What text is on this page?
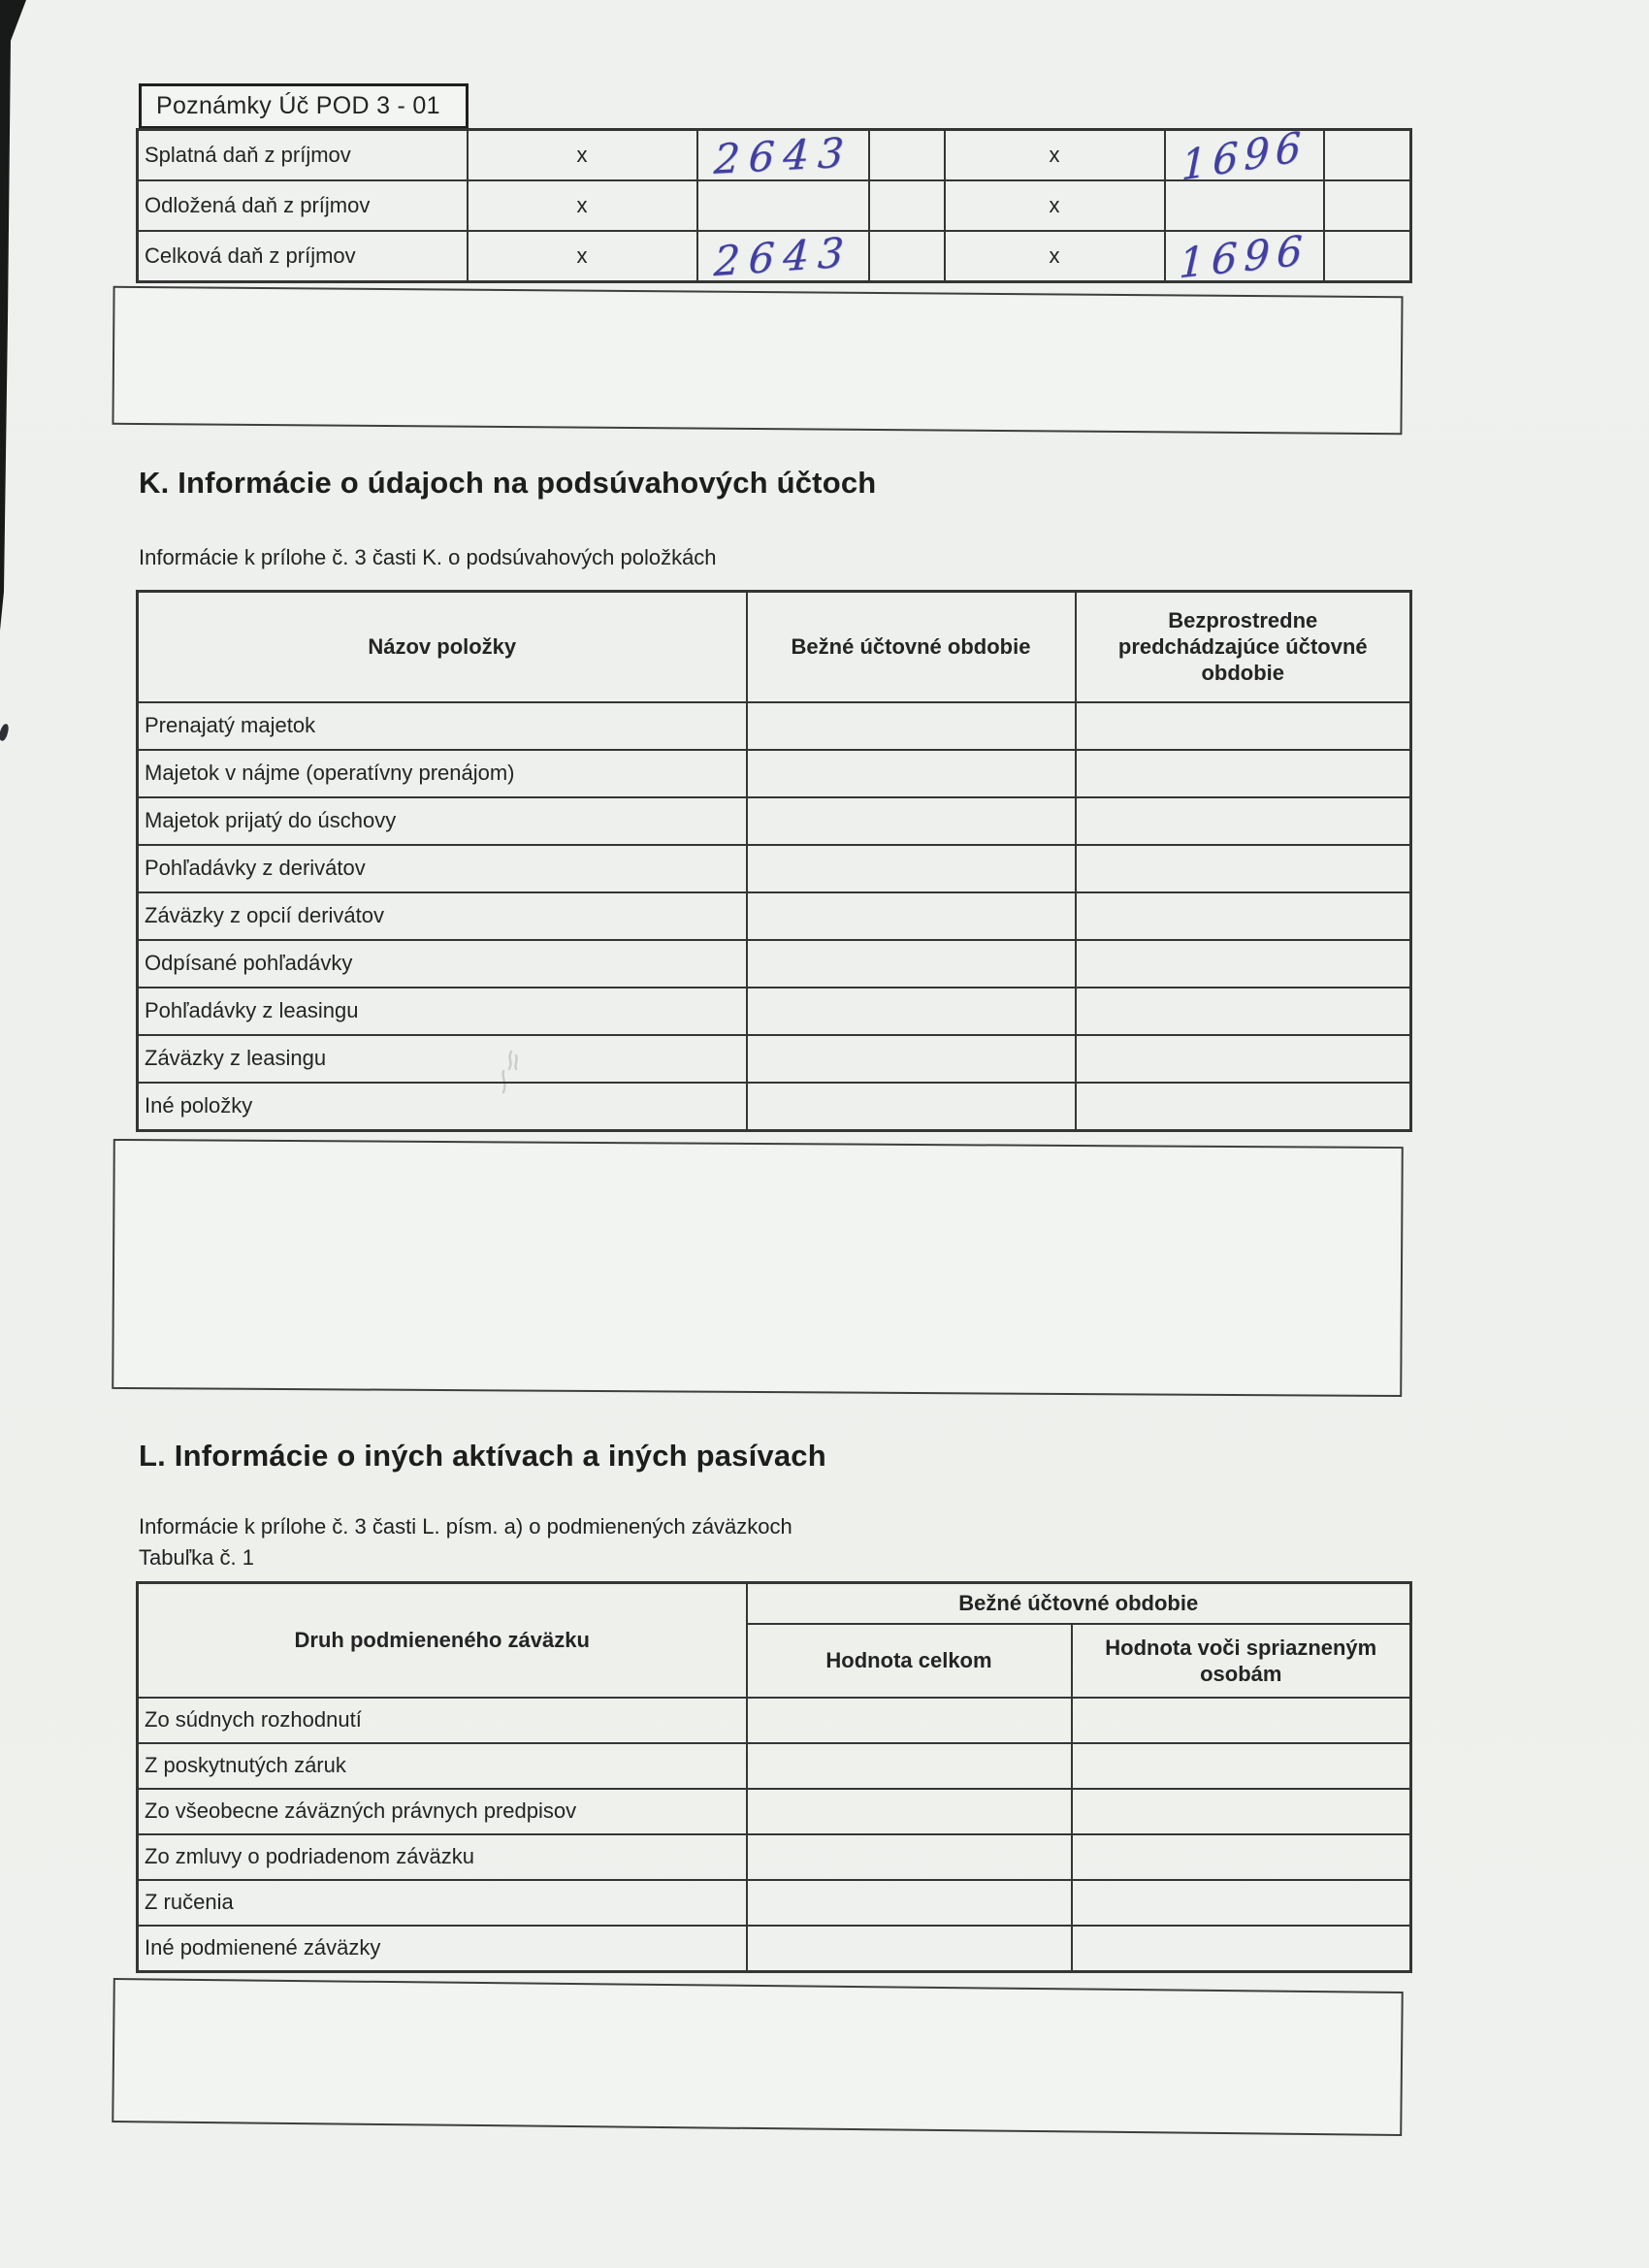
Poznámky Úč POD 3 - 01
Splatná daň z príjmov	x	2643		x	1696	
Odložená daň z príjmov	x			x		
Celková daň z príjmov	x	2643		x	1696	
K. Informácie o údajoch na podsúvahových účtoch
Informácie k prílohe č. 3 časti K. o podsúvahových položkách
Názov položky	Bežné účtovné obdobie	Bezprostredne predchádzajúce účtovné obdobie
Prenajatý majetok		
Majetok v nájme (operatívny prenájom)		
Majetok prijatý do úschovy		
Pohľadávky z derivátov		
Záväzky z opcií derivátov		
Odpísané pohľadávky		
Pohľadávky z leasingu		
Záväzky z leasingu		
Iné položky		
L. Informácie o iných aktívach a iných pasívach
Informácie k prílohe č. 3 časti L. písm. a) o podmienených záväzkoch
Tabuľka č. 1
Druh podmieneného záväzku	Bežné účtovné obdobie	
	Hodnota celkom	Hodnota voči spriazneným osobám
Zo súdnych rozhodnutí		
Z poskytnutých záruk		
Zo všeobecne záväzných právnych predpisov		
Zo zmluvy o podriadenom záväzku		
Z ručenia		
Iné podmienené záväzky		
